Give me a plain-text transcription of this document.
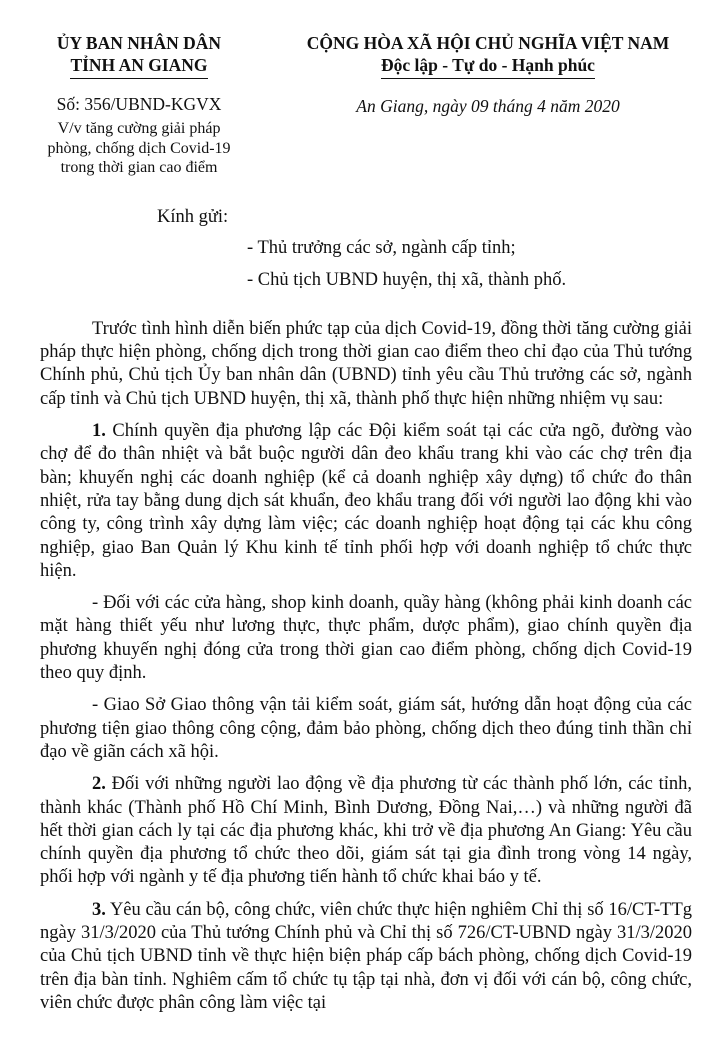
ỦY BAN NHÂN DÂN
TỈNH AN GIANG
Số: 356/UBND-KGVX
V/v tăng cường giải pháp
phòng, chống dịch Covid-19
trong thời gian cao điểm
CỘNG HÒA XÃ HỘI CHỦ NGHĨA VIỆT NAM
Độc lập - Tự do - Hạnh phúc
An Giang, ngày 09 tháng 4 năm 2020
Kính gửi:
- Thủ trưởng các sở, ngành cấp tỉnh;
- Chủ tịch UBND huyện, thị xã, thành phố.

Trước tình hình diễn biến phức tạp của dịch Covid-19, đồng thời tăng cường giải pháp thực hiện phòng, chống dịch trong thời gian cao điểm theo chỉ đạo của Thủ tướng Chính phủ, Chủ tịch Ủy ban nhân dân (UBND) tỉnh yêu cầu Thủ trưởng các sở, ngành cấp tỉnh và Chủ tịch UBND huyện, thị xã, thành phố thực hiện những nhiệm vụ sau:

1. Chính quyền địa phương lập các Đội kiểm soát tại các cửa ngõ, đường vào chợ để đo thân nhiệt và bắt buộc người dân đeo khẩu trang khi vào các chợ trên địa bàn; khuyến nghị các doanh nghiệp (kể cả doanh nghiệp xây dựng) tổ chức đo thân nhiệt, rửa tay bằng dung dịch sát khuẩn, đeo khẩu trang đối với người lao động khi vào công ty, công trình xây dựng làm việc; các doanh nghiệp hoạt động tại các khu công nghiệp, giao Ban Quản lý Khu kinh tế tỉnh phối hợp với doanh nghiệp tổ chức thực hiện.

- Đối với các cửa hàng, shop kinh doanh, quầy hàng (không phải kinh doanh các mặt hàng thiết yếu như lương thực, thực phẩm, dược phẩm), giao chính quyền địa phương khuyến nghị đóng cửa trong thời gian cao điểm phòng, chống dịch Covid-19 theo quy định.

- Giao Sở Giao thông vận tải kiểm soát, giám sát, hướng dẫn hoạt động của các phương tiện giao thông công cộng, đảm bảo phòng, chống dịch theo đúng tinh thần chỉ đạo về giãn cách xã hội.

2. Đối với những người lao động về địa phương từ các thành phố lớn, các tỉnh, thành khác (Thành phố Hồ Chí Minh, Bình Dương, Đồng Nai,…) và những người đã hết thời gian cách ly tại các địa phương khác, khi trở về địa phương An Giang: Yêu cầu chính quyền địa phương tổ chức theo dõi, giám sát tại gia đình trong vòng 14 ngày, phối hợp với ngành y tế địa phương tiến hành tổ chức khai báo y tế.

3. Yêu cầu cán bộ, công chức, viên chức thực hiện nghiêm Chỉ thị số 16/CT-TTg ngày 31/3/2020 của Thủ tướng Chính phủ và Chỉ thị số 726/CT-UBND ngày 31/3/2020 của Chủ tịch UBND tỉnh về thực hiện biện pháp cấp bách phòng, chống dịch Covid-19 trên địa bàn tỉnh. Nghiêm cấm tổ chức tụ tập tại nhà, đơn vị đối với cán bộ, công chức, viên chức được phân công làm việc tại
